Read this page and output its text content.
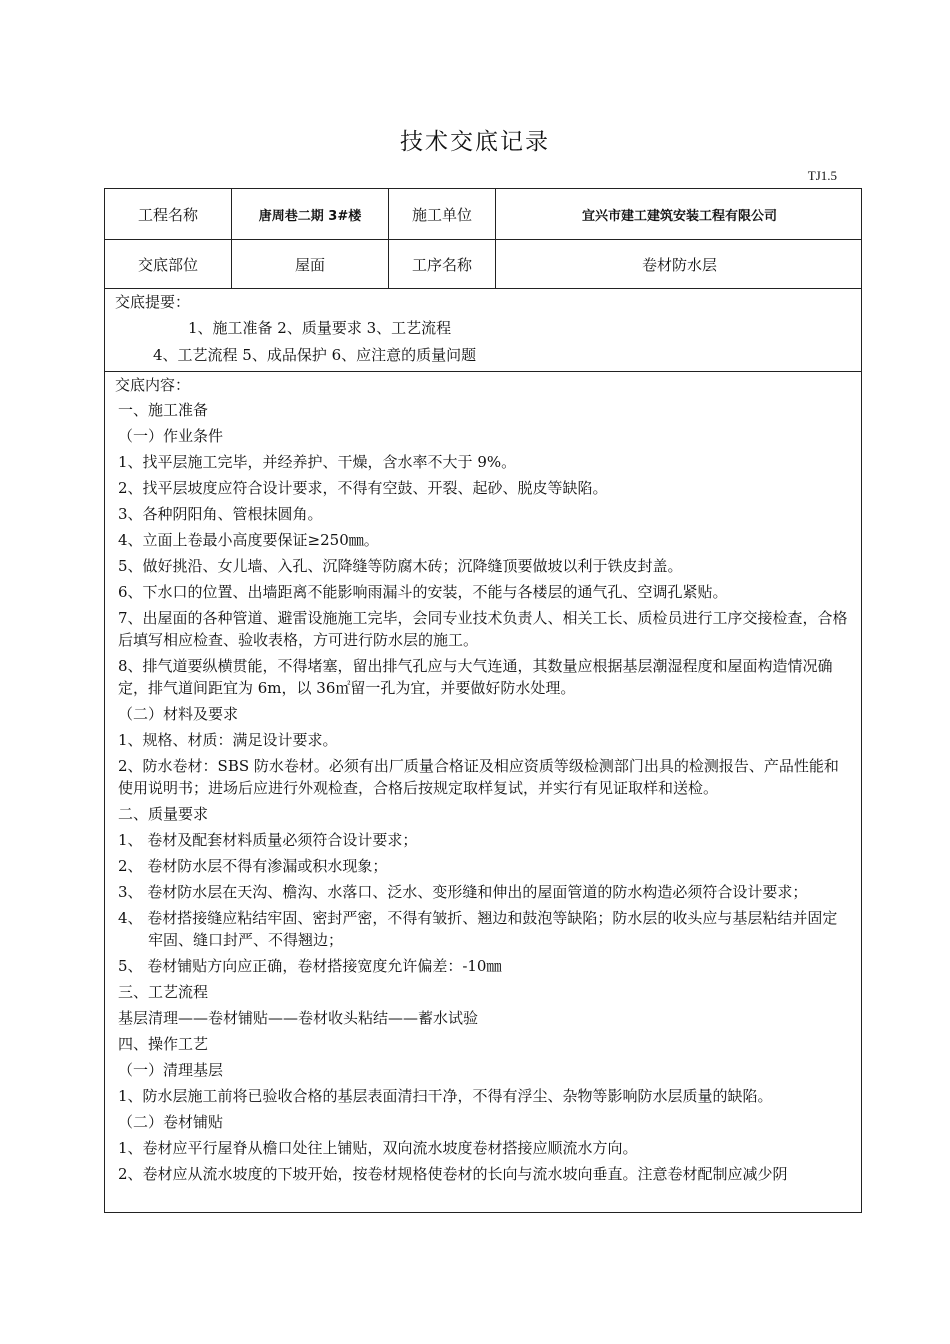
技术交底记录
TJ1.5
工程名称	唐周巷二期 3#楼	施工单位	宜兴市建工建筑安装工程有限公司
交底部位	屋面	工序名称	卷材防水层
交底提要：
1、施工准备 2、质量要求 3、工艺流程
4、工艺流程 5、成品保护 6、应注意的质量问题

交底内容：

一、施工准备

（一）作业条件

1、找平层施工完毕，并经养护、干燥，含水率不大于 9%。

2、找平层坡度应符合设计要求，不得有空鼓、开裂、起砂、脱皮等缺陷。

3、各种阴阳角、管根抹圆角。

4、立面上卷最小高度要保证≥250㎜。

5、做好挑沿、女儿墙、入孔、沉降缝等防腐木砖；沉降缝顶要做坡以利于铁皮封盖。

6、下水口的位置、出墙距离不能影响雨漏斗的安装，不能与各楼层的通气孔、空调孔紧贴。

7、出屋面的各种管道、避雷设施施工完毕，会同专业技术负责人、相关工长、质检员进行工序交接检查，合格后填写相应检查、验收表格，方可进行防水层的施工。

8、排气道要纵横贯能，不得堵塞，留出排气孔应与大气连通，其数量应根据基层潮湿程度和屋面构造情况确定，排气道间距宜为 6m，以 36㎡留一孔为宜，并要做好防水处理。

（二）材料及要求

1、规格、材质：满足设计要求。

2、防水卷材：SBS 防水卷材。必须有出厂质量合格证及相应资质等级检测部门出具的检测报告、产品性能和使用说明书；进场后应进行外观检查，合格后按规定取样复试，并实行有见证取样和送检。

二、质量要求

1、 卷材及配套材料质量必须符合设计要求；

2、 卷材防水层不得有渗漏或积水现象；

3、 卷材防水层在天沟、檐沟、水落口、泛水、变形缝和伸出的屋面管道的防水构造必须符合设计要求；

4、 卷材搭接缝应粘结牢固、密封严密，不得有皱折、翘边和鼓泡等缺陷；防水层的收头应与基层粘结并固定牢固、缝口封严、不得翘边；

5、 卷材铺贴方向应正确，卷材搭接宽度允许偏差：-10㎜

三、工艺流程

基层清理——卷材铺贴——卷材收头粘结——蓄水试验

四、操作工艺

（一）清理基层

1、防水层施工前将已验收合格的基层表面清扫干净，不得有浮尘、杂物等影响防水层质量的缺陷。

（二）卷材铺贴

1、卷材应平行屋脊从檐口处往上铺贴，双向流水坡度卷材搭接应顺流水方向。

2、卷材应从流水坡度的下坡开始，按卷材规格使卷材的长向与流水坡向垂直。注意卷材配制应减少阴
